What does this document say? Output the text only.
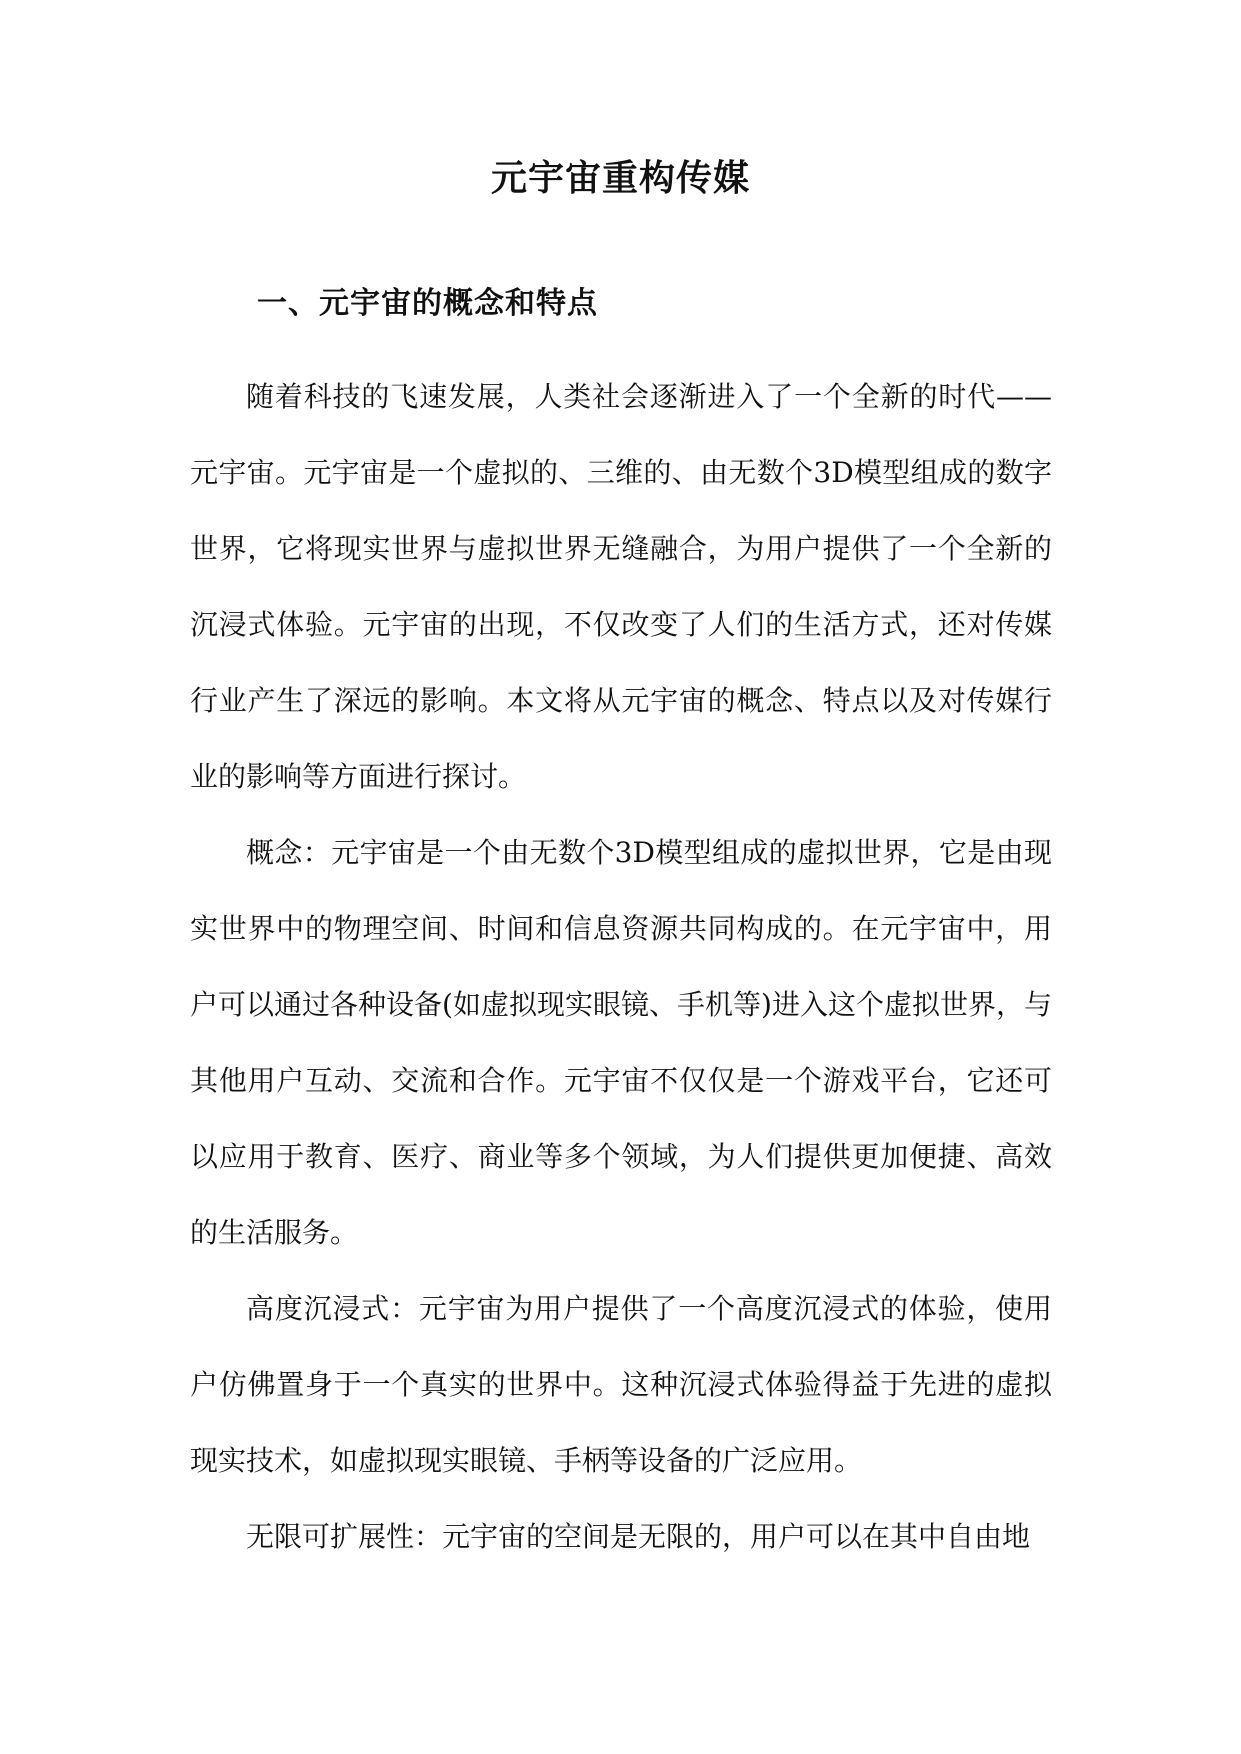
元宇宙重构传媒
一、元宇宙的概念和特点

随着科技的飞速发展，人类社会逐渐进入了一个全新的时代——元宇宙。元宇宙是一个虚拟的、三维的、由无数个3D模型组成的数字世界，它将现实世界与虚拟世界无缝融合，为用户提供了一个全新的沉浸式体验。元宇宙的出现，不仅改变了人们的生活方式，还对传媒行业产生了深远的影响。本文将从元宇宙的概念、特点以及对传媒行业的影响等方面进行探讨。

概念：元宇宙是一个由无数个3D模型组成的虚拟世界，它是由现实世界中的物理空间、时间和信息资源共同构成的。在元宇宙中，用户可以通过各种设备(如虚拟现实眼镜、手机等)进入这个虚拟世界，与其他用户互动、交流和合作。元宇宙不仅仅是一个游戏平台，它还可以应用于教育、医疗、商业等多个领域，为人们提供更加便捷、高效的生活服务。

高度沉浸式：元宇宙为用户提供了一个高度沉浸式的体验，使用户仿佛置身于一个真实的世界中。这种沉浸式体验得益于先进的虚拟现实技术，如虚拟现实眼镜、手柄等设备的广泛应用。

无限可扩展性：元宇宙的空间是无限的，用户可以在其中自由地
